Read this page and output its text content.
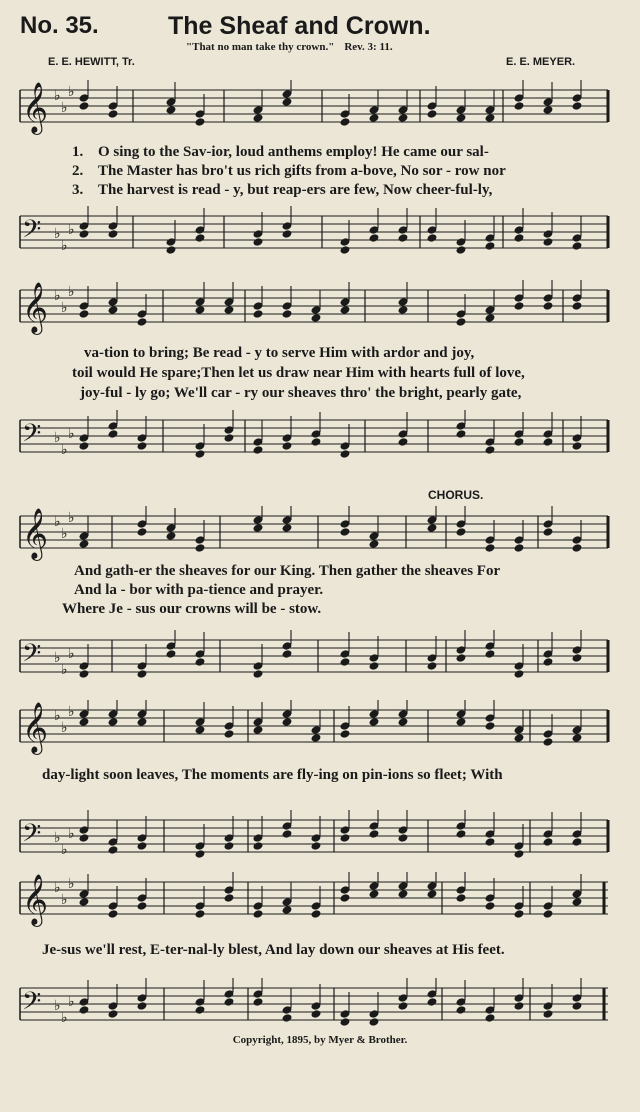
No. 35.	The Sheaf and Crown.
"That no man take thy crown." Rev. 3: 11.
E. E. HEWITT, Tr.	E. E. MEYER.
𝄞 ♭
♭
♭
𝄢 ♭
♭
♭
1. O sing to the Sav-ior, loud anthems employ! He came our sal-
2. The Master has bro't us rich gifts from a-bove, No sor - row nor
3. The harvest is read - y, but reap-ers are few, Now cheer-ful-ly,
𝄞 ♭
♭
♭
𝄢 ♭
♭
♭
va-tion to bring; Be read - y to serve Him with ardor and joy,
toil would He spare;Then let us draw near Him with hearts full of love,
joy-ful - ly go; We'll car - ry our sheaves thro' the bright, pearly gate,
CHORUS.
𝄞 ♭
♭
♭
𝄢 ♭
♭
♭
And gath-er the sheaves for our King. Then gather the sheaves For
And la - bor with pa-tience and prayer.
Where Je - sus our crowns will be - stow.
𝄞 ♭
♭
♭
𝄢 ♭
♭
♭
day-light soon leaves, The moments are fly-ing on pin-ions so fleet; With
𝄞 ♭
♭
♭
𝄢 ♭
♭
♭
Je-sus we'll rest, E-ter-nal-ly blest, And lay down our sheaves at His feet.
Copyright, 1895, by Myer & Brother.
